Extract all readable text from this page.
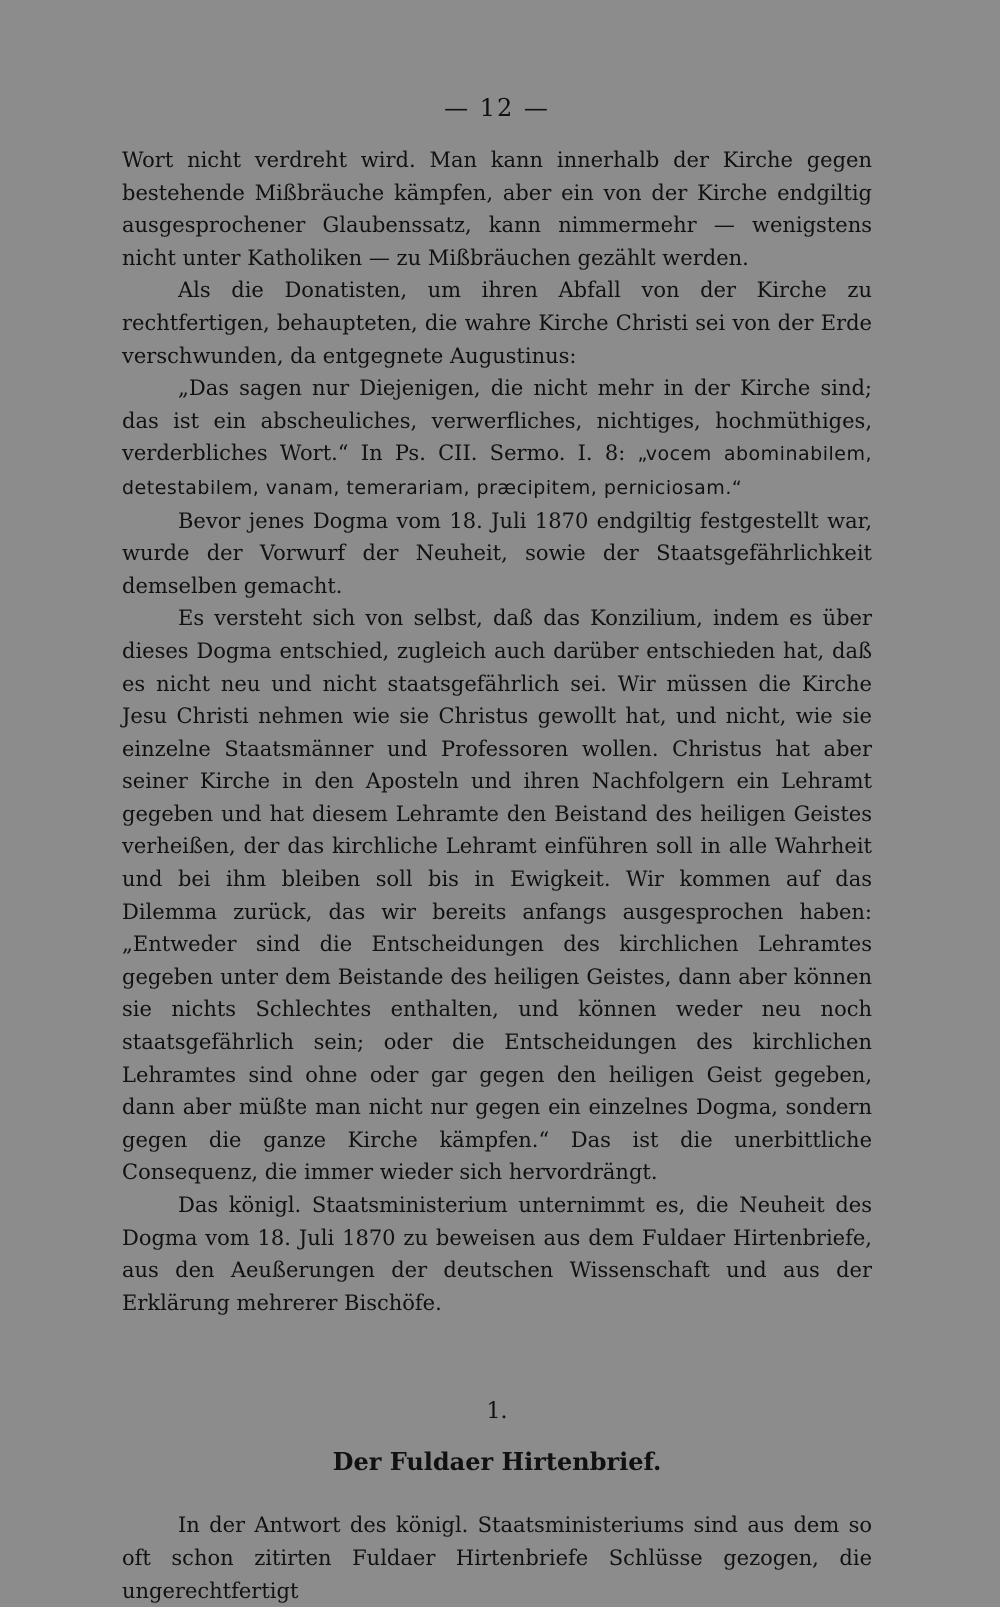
— 12 —

Wort nicht verdreht wird. Man kann innerhalb der Kirche gegen bestehende Mißbräuche kämpfen, aber ein von der Kirche endgiltig ausgesprochener Glaubenssatz, kann nimmermehr — wenigstens nicht unter Katholiken — zu Mißbräuchen gezählt werden.

Als die Donatisten, um ihren Abfall von der Kirche zu rechtfertigen, behaupteten, die wahre Kirche Christi sei von der Erde verschwunden, da entgegnete Augustinus:

„Das sagen nur Diejenigen, die nicht mehr in der Kirche sind; das ist ein abscheuliches, verwerfliches, nichtiges, hochmüthiges, verderbliches Wort.“ In Ps. CII. Sermo. I. 8: „vocem abominabilem, detestabilem, vanam, temerariam, præcipitem, perniciosam.“

Bevor jenes Dogma vom 18. Juli 1870 endgiltig festgestellt war, wurde der Vorwurf der Neuheit, sowie der Staatsgefährlichkeit demselben gemacht.

Es versteht sich von selbst, daß das Konzilium, indem es über dieses Dogma entschied, zugleich auch darüber entschieden hat, daß es nicht neu und nicht staatsgefährlich sei. Wir müssen die Kirche Jesu Christi nehmen wie sie Christus gewollt hat, und nicht, wie sie einzelne Staatsmänner und Professoren wollen. Christus hat aber seiner Kirche in den Aposteln und ihren Nachfolgern ein Lehramt gegeben und hat diesem Lehramte den Beistand des heiligen Geistes verheißen, der das kirchliche Lehramt einführen soll in alle Wahrheit und bei ihm bleiben soll bis in Ewigkeit. Wir kommen auf das Dilemma zurück, das wir bereits anfangs ausgesprochen haben: „Entweder sind die Entscheidungen des kirchlichen Lehramtes gegeben unter dem Beistande des heiligen Geistes, dann aber können sie nichts Schlechtes enthalten, und können weder neu noch staatsgefährlich sein; oder die Entscheidungen des kirchlichen Lehramtes sind ohne oder gar gegen den heiligen Geist gegeben, dann aber müßte man nicht nur gegen ein einzelnes Dogma, sondern gegen die ganze Kirche kämpfen.“ Das ist die unerbittliche Consequenz, die immer wieder sich hervordrängt.

Das königl. Staatsministerium unternimmt es, die Neuheit des Dogma vom 18. Juli 1870 zu beweisen aus dem Fuldaer Hirtenbriefe, aus den Aeußerungen der deutschen Wissenschaft und aus der Erklärung mehrerer Bischöfe.

1.
Der Fuldaer Hirtenbrief.

In der Antwort des königl. Staatsministeriums sind aus dem so oft schon zitirten Fuldaer Hirtenbriefe Schlüsse gezogen, die ungerechtfertigt
